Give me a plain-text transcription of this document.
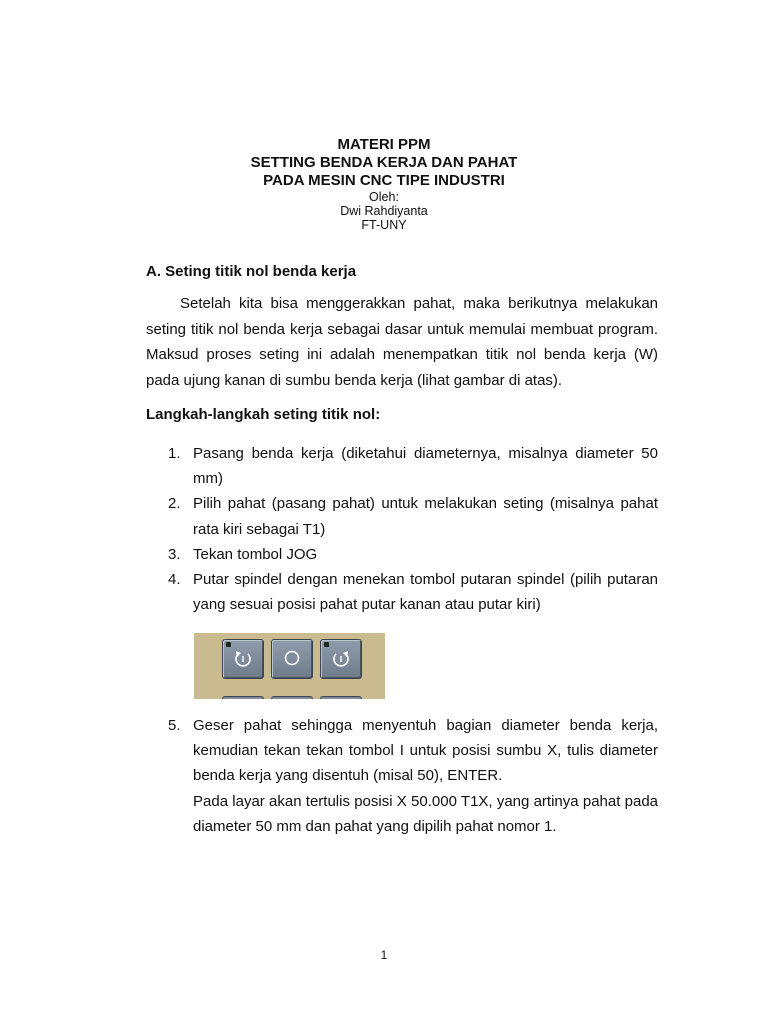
MATERI PPM
SETTING BENDA KERJA DAN PAHAT
PADA MESIN CNC TIPE INDUSTRI
Oleh:
Dwi Rahdiyanta
FT-UNY
A. Seting titik nol benda kerja
Setelah kita bisa menggerakkan pahat, maka berikutnya melakukan seting titik nol benda kerja sebagai dasar untuk memulai membuat program. Maksud proses seting ini adalah menempatkan titik nol benda kerja (W) pada ujung kanan di sumbu benda kerja (lihat gambar di atas).
Langkah-langkah seting titik nol:
1. Pasang benda kerja (diketahui diameternya, misalnya diameter 50 mm)
2. Pilih pahat (pasang pahat) untuk melakukan seting (misalnya pahat rata kiri sebagai T1)
3. Tekan tombol JOG
4. Putar spindel dengan menekan tombol putaran spindel (pilih putaran yang sesuai posisi pahat putar kanan atau putar kiri)
5. Geser pahat sehingga menyentuh bagian diameter benda kerja, kemudian tekan tekan tombol I untuk posisi sumbu X, tulis diameter benda kerja yang disentuh (misal 50), ENTER.

Pada layar akan tertulis posisi X 50.000 T1X, yang artinya pahat pada diameter 50 mm dan pahat yang dipilih pahat nomor 1.

1
